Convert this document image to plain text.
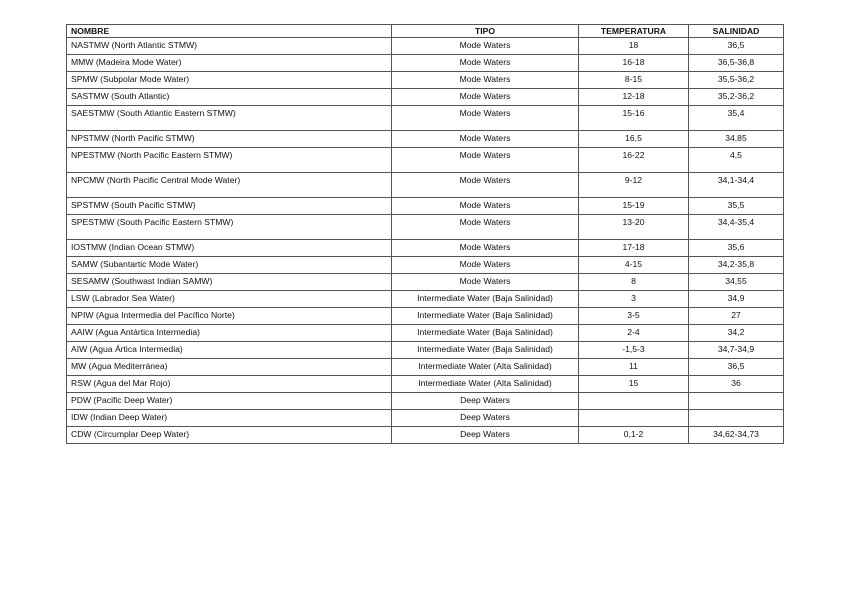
NOMBRE	TIPO	TEMPERATURA	SALINIDAD
NASTMW (North Atlantic STMW)	Mode Waters	18	36,5
MMW (Madeira Mode Water)	Mode Waters	16-18	36,5-36,8
SPMW (Subpolar Mode Water)	Mode Waters	8-15	35,5-36,2
SASTMW (South Atlantic)	Mode Waters	12-18	35,2-36,2
SAESTMW (South Atlantic Eastern STMW)	Mode Waters	15-16	35,4
NPSTMW (North Pacific STMW)	Mode Waters	16,5	34,85
NPESTMW (North Pacific Eastern STMW)	Mode Waters	16-22	4,5
NPCMW (North Pacific Central Mode Water)	Mode Waters	9-12	34,1-34,4
SPSTMW (South Pacific STMW)	Mode Waters	15-19	35,5
SPESTMW (South Pacific Eastern STMW)	Mode Waters	13-20	34,4-35,4
IOSTMW (Indian Ocean STMW)	Mode Waters	17-18	35,6
SAMW (Subantartic Mode Water)	Mode Waters	4-15	34,2-35,8
SESAMW (Southwast Indian SAMW)	Mode Waters	8	34,55
LSW (Labrador Sea Water)	Intermediate Water (Baja Salinidad)	3	34,9
NPIW (Agua Intermedia del Pacífico Norte)	Intermediate Water (Baja Salinidad)	3-5	27
AAIW (Agua Antártica Intermedia)	Intermediate Water (Baja Salinidad)	2-4	34,2
AIW (Agua Ártica Intermedia)	Intermediate Water (Baja Salinidad)	-1,5-3	34,7-34,9
MW (Agua Mediterránea)	Intermediate Water (Alta Salinidad)	11	36,5
RSW (Agua del Mar Rojo)	Intermediate Water (Alta Salinidad)	15	36
PDW (Pacific Deep Water)	Deep Waters		
IDW (Indian Deep Water)	Deep Waters		
CDW (Circumplar Deep Water)	Deep Waters	0,1-2	34,62-34,73
